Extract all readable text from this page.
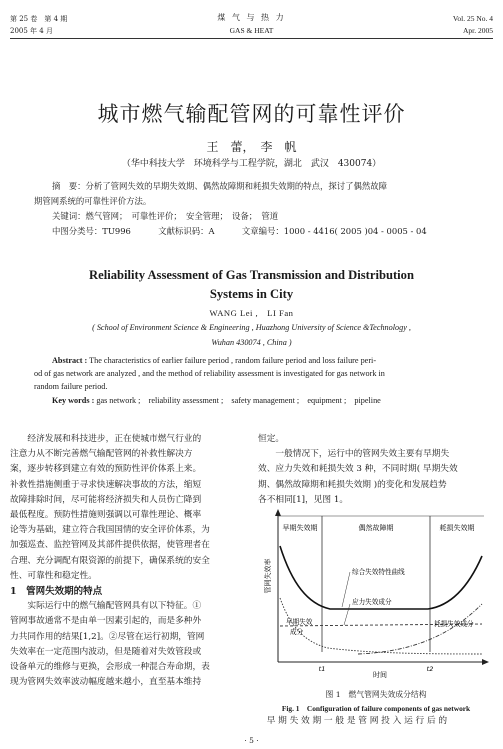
第 25 卷　第 4 期
2005 年 4 月
煤 气 与 热 力
GAS & HEAT
Vol. 25 No. 4
Apr. 2005
城市燃气输配管网的可靠性评价
王　蕾，　李　帆
（华中科技大学　环境科学与工程学院，湖北　武汉　430074）
摘　要：分析了管网失效的早期失效期、偶然故障期和耗损失效期的特点，探讨了偶然故障
期管网系统的可靠性评价方法。
关键词：燃气管网；　可靠性评价；　安全管理；　设备；　管道
中图分类号：TU996	文献标识码：A	文章编号：1000 - 4416( 2005 )04 - 0005 - 04
Reliability Assessment of Gas Transmission and Distribution
Systems in City
WANG Lei ,　LI Fan
( School of Environment Science & Engineering , Huazhong University of Science &Technology ,
Wuhan 430074 , China )
Abstract : The characteristics of earlier failure period , random failure period and loss failure peri-
od of gas network are analyzed , and the method of reliability assessment is investigated for gas network in
random failure period.
Key words : gas network ;　reliability assessment ;　safety management ;　equipment ;　pipeline
　　经济发展和科技进步，正在使城市燃气行业的
注意力从不断完善燃气输配管网的补救性解决方
案，逐步转移到建立有效的预防性评价体系上来。
补救性措施侧重于寻求快速解决事故的方法，缩短
故障排除时间，尽可能将经济损失和人员伤亡降到
最低程度。预防性措施则强调以可靠性理论、概率
论等为基础，建立符合我国国情的安全评价体系，为
加强巡查、监控管网及其部件提供依据，使管理者在
合理、充分调配有限资源的前提下，确保系统的安全
性、可靠性和稳定性。
1　管网失效期的特点
　　实际运行中的燃气输配管网具有以下特征。①
管网事故通常不是由单一因素引起的，而是多种外
力共同作用的结果[1,2]。②尽管在运行初期，管网
失效率在一定范围内波动，但是随着对失效管段或
设备单元的维修与更换，会形成一种混合寿命期，表
现为管网失效率波动幅度越来越小，直至基本维持
恒定。
　　一般情况下，运行中的管网失效主要有早期失
效、应力失效和耗损失效 3 种，不同时期( 早期失效
期、偶然故障期和耗损失效期 )的变化和发展趋势
各不相同[1]，见图 1。
早期失效期	偶然故障期	耗损失效期
综合失效特性曲线
应力失效成分
早期失效
成分
耗损失效成分
管网失效率
t1	t2
时间
图 1　燃气管网失效成分结构
Fig. 1　Configuration of failure components of gas network
　早 期 失 效 期 一 般 是 管 网 投 入 运 行 后 的
· 5 ·
